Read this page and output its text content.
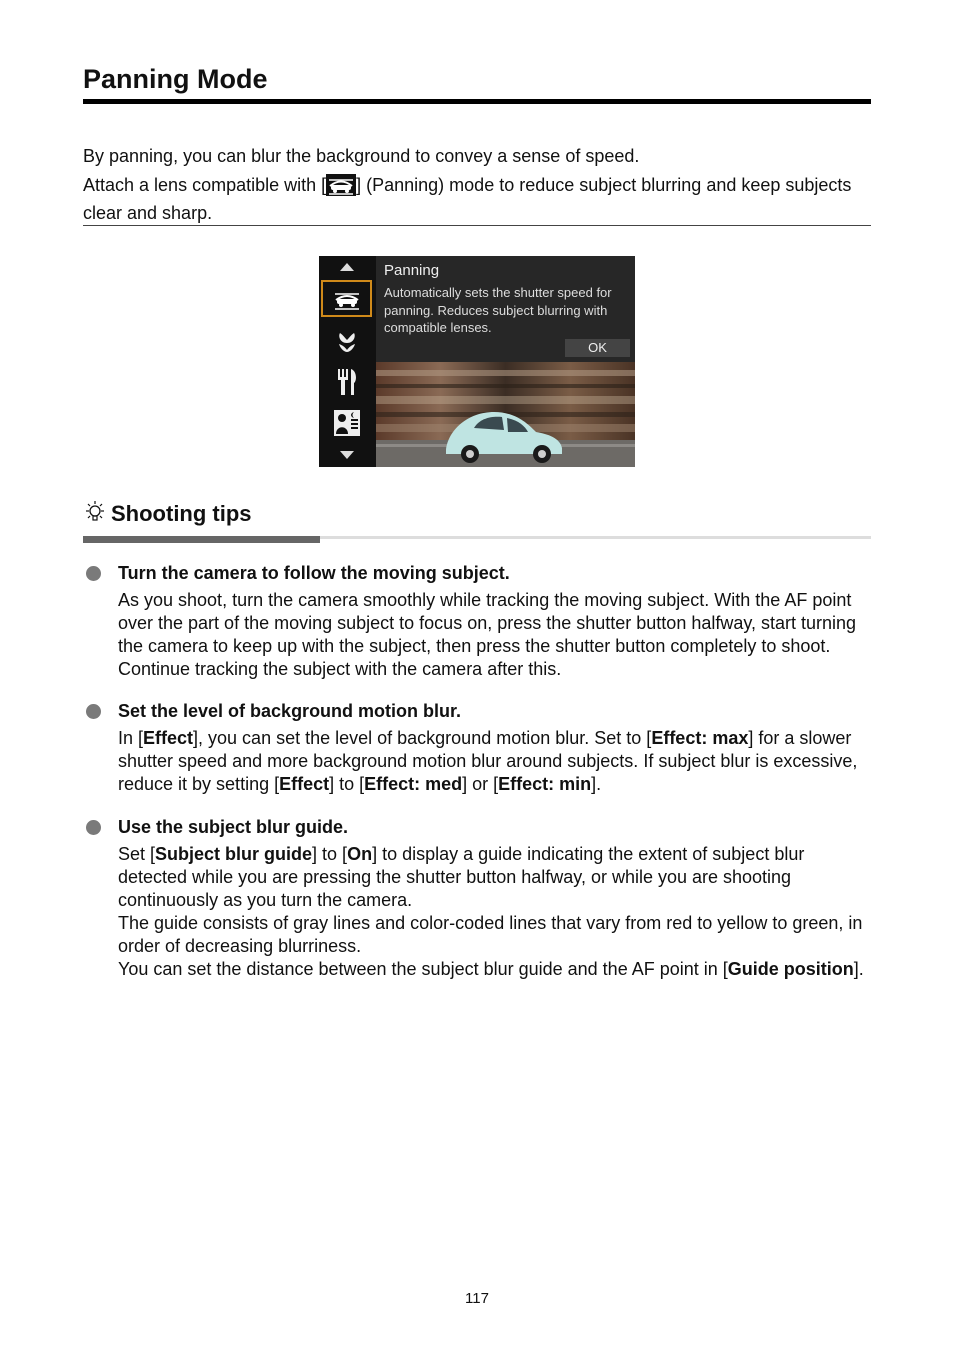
Panning Mode

By panning, you can blur the background to convey a sense of speed.

Attach a lens compatible with [ ] (Panning) mode to reduce subject blurring and keep subjects clear and sharp.

Panning
Automatically sets the shutter speed for panning. Reduces subject blurring with compatible lenses.
OK
Shooting tips
Turn the camera to follow the moving subject.

As you shoot, turn the camera smoothly while tracking the moving subject. With the AF point over the part of the moving subject to focus on, press the shutter button halfway, start turning the camera to keep up with the subject, then press the shutter button completely to shoot. Continue tracking the subject with the camera after this.

Set the level of background motion blur.

In [Effect], you can set the level of background motion blur. Set to [Effect: max] for a slower shutter speed and more background motion blur around subjects. If subject blur is excessive, reduce it by setting [Effect] to [Effect: med] or [Effect: min].

Use the subject blur guide.

Set [Subject blur guide] to [On] to display a guide indicating the extent of subject blur detected while you are pressing the shutter button halfway, or while you are shooting continuously as you turn the camera.

The guide consists of gray lines and color-coded lines that vary from red to yellow to green, in order of decreasing blurriness.

You can set the distance between the subject blur guide and the AF point in [Guide position].

117
